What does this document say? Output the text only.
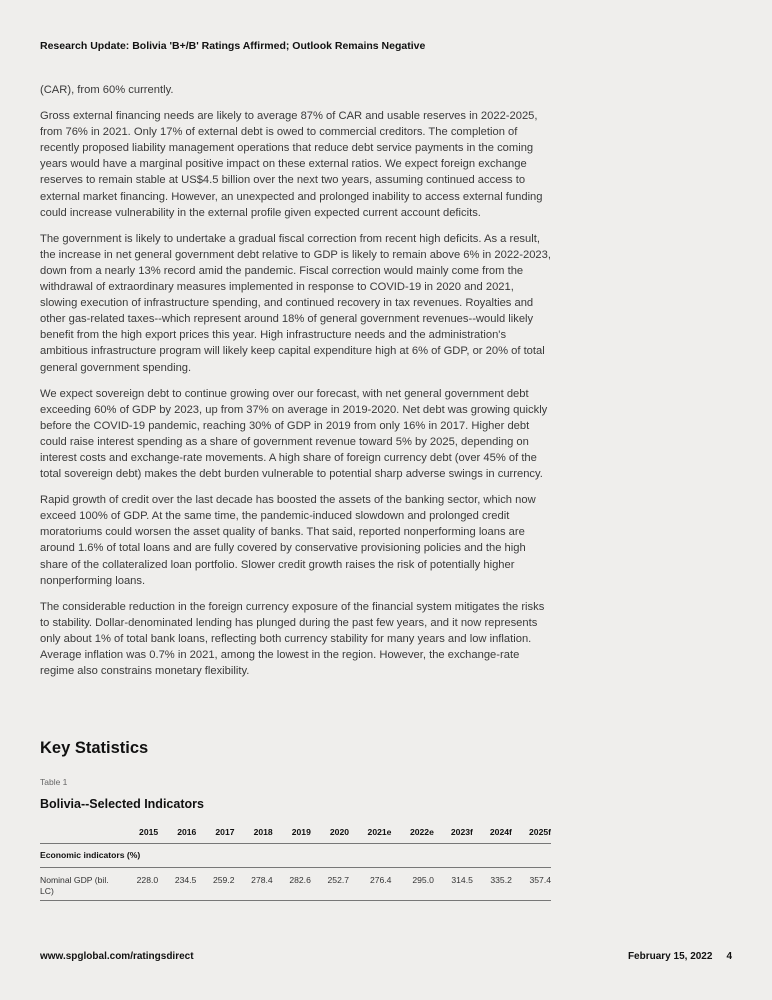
Research Update: Bolivia 'B+/B' Ratings Affirmed; Outlook Remains Negative

(CAR), from 60% currently.

Gross external financing needs are likely to average 87% of CAR and usable reserves in 2022-2025, from 76% in 2021. Only 17% of external debt is owed to commercial creditors. The completion of recently proposed liability management operations that reduce debt service payments in the coming years would have a marginal positive impact on these external ratios. We expect foreign exchange reserves to remain stable at US$4.5 billion over the next two years, assuming continued access to external market financing. However, an unexpected and prolonged inability to access external funding could increase vulnerability in the external profile given expected current account deficits.

The government is likely to undertake a gradual fiscal correction from recent high deficits. As a result, the increase in net general government debt relative to GDP is likely to remain above 6% in 2022-2023, down from a nearly 13% record amid the pandemic. Fiscal correction would mainly come from the withdrawal of extraordinary measures implemented in response to COVID-19 in 2020 and 2021, slowing execution of infrastructure spending, and continued recovery in tax revenues. Royalties and other gas-related taxes--which represent around 18% of general government revenues--would likely benefit from the high export prices this year. High infrastructure needs and the administration's ambitious infrastructure program will likely keep capital expenditure high at 6% of GDP, or 20% of total general government spending.

We expect sovereign debt to continue growing over our forecast, with net general government debt exceeding 60% of GDP by 2023, up from 37% on average in 2019-2020. Net debt was growing quickly before the COVID-19 pandemic, reaching 30% of GDP in 2019 from only 16% in 2017. Higher debt could raise interest spending as a share of government revenue toward 5% by 2025, depending on interest costs and exchange-rate movements. A high share of foreign currency debt (over 45% of the total sovereign debt) makes the debt burden vulnerable to potential sharp adverse swings in currency.

Rapid growth of credit over the last decade has boosted the assets of the banking sector, which now exceed 100% of GDP. At the same time, the pandemic-induced slowdown and prolonged credit moratoriums could worsen the asset quality of banks. That said, reported nonperforming loans are around 1.6% of total loans and are fully covered by conservative provisioning policies and the high share of the collateralized loan portfolio. Slower credit growth raises the risk of potentially higher nonperforming loans.

The considerable reduction in the foreign currency exposure of the financial system mitigates the risks to stability. Dollar-denominated lending has plunged during the past few years, and it now represents only about 1% of total bank loans, reflecting both currency stability for many years and low inflation. Average inflation was 0.7% in 2021, among the lowest in the region. However, the exchange-rate regime also constrains monetary flexibility.

Key Statistics
Table 1
Bolivia--Selected Indicators
	2015	2016	2017	2018	2019	2020	2021e	2022e	2023f	2024f	2025f
Economic indicators (%)											
Nominal GDP (bil. LC)	228.0	234.5	259.2	278.4	282.6	252.7	276.4	295.0	314.5	335.2	357.4
www.spglobal.com/ratingsdirect	February 15, 2022 4
